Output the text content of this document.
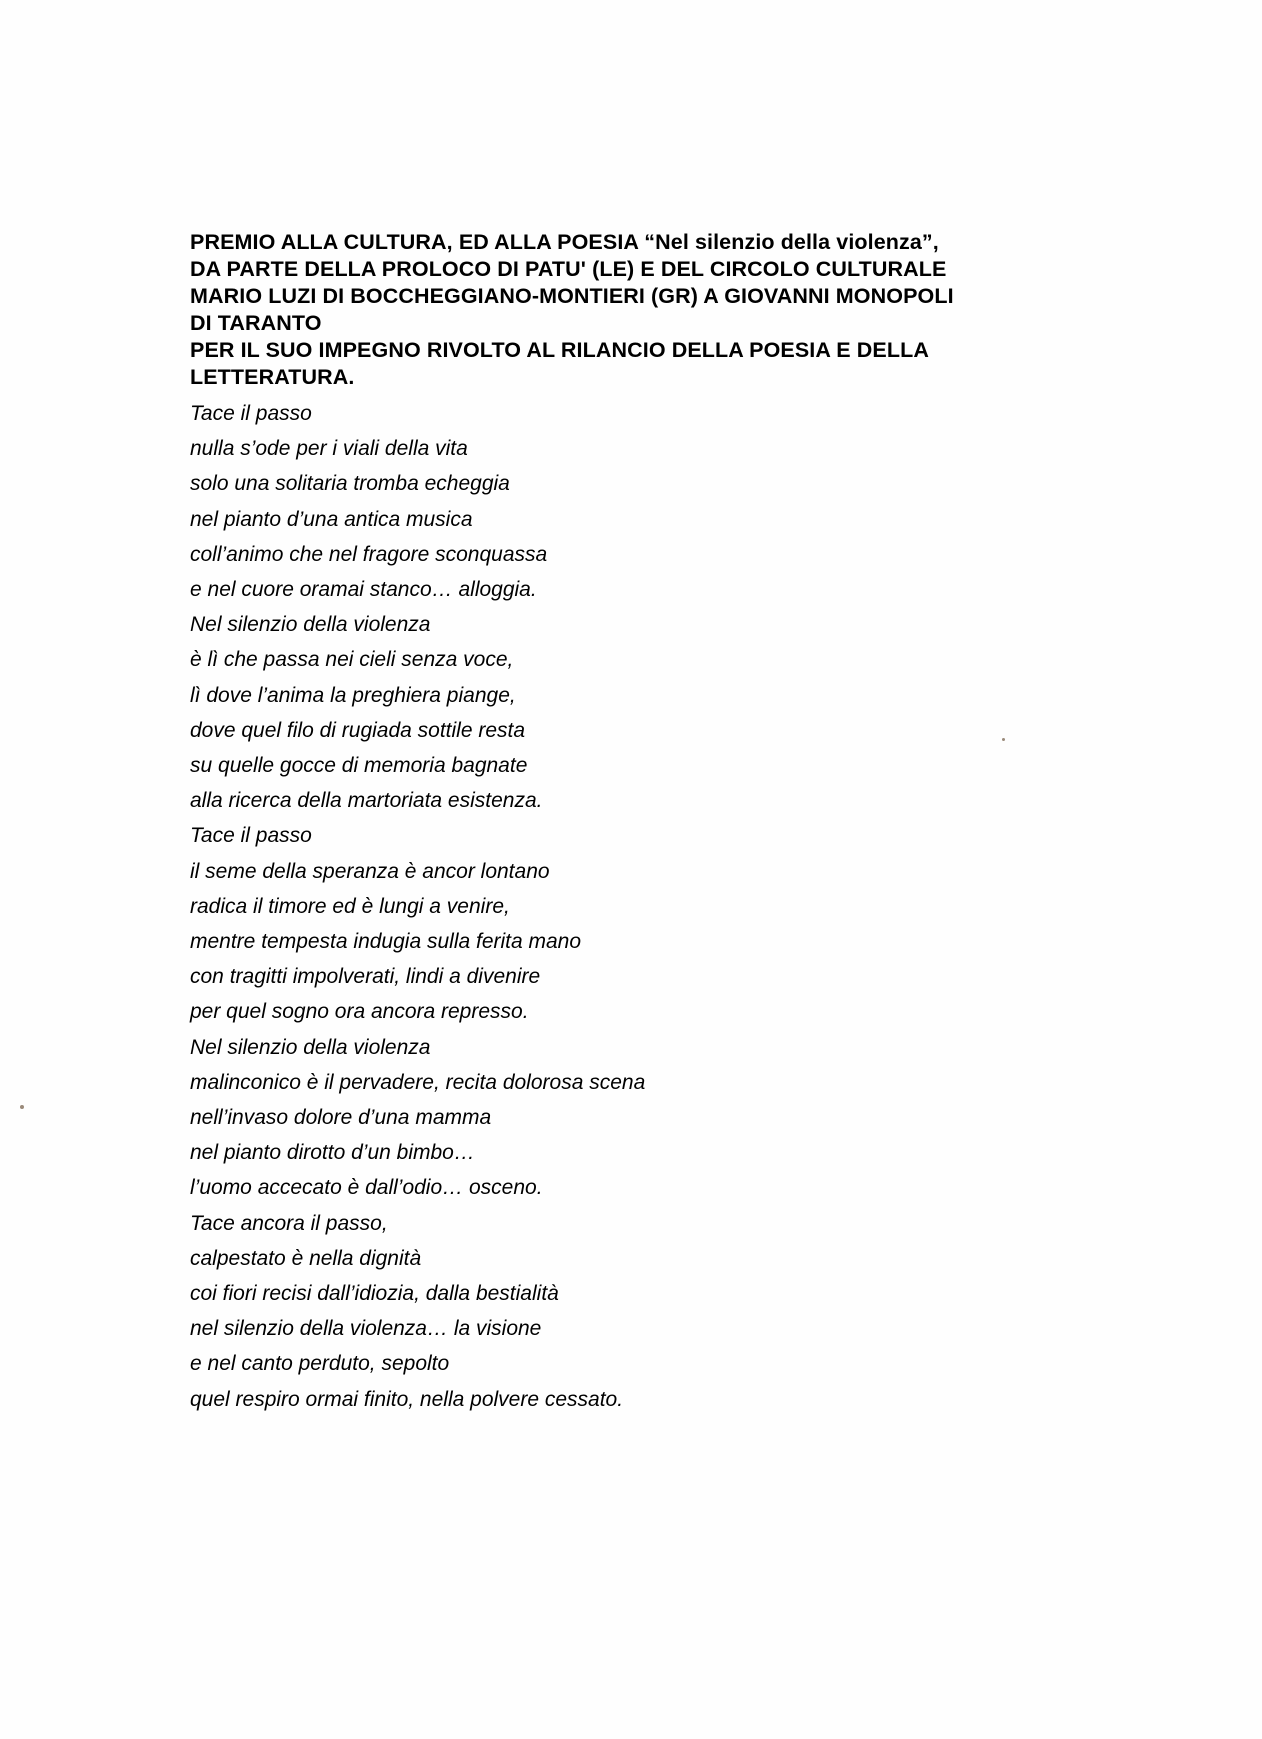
PREMIO ALLA CULTURA, ED ALLA POESIA “Nel silenzio della violenza”,
DA PARTE DELLA PROLOCO DI PATU' (LE) E DEL CIRCOLO CULTURALE
MARIO LUZI DI BOCCHEGGIANO-MONTIERI (GR) A GIOVANNI MONOPOLI
DI TARANTO
PER IL SUO IMPEGNO RIVOLTO AL RILANCIO DELLA POESIA E DELLA
LETTERATURA.
Tace il passo
nulla s’ode per i viali della vita
solo una solitaria tromba echeggia
nel pianto d’una antica musica
coll’animo che nel fragore sconquassa
e nel cuore oramai stanco… alloggia.
Nel silenzio della violenza
è lì che passa nei cieli senza voce,
lì dove l’anima la preghiera piange,
dove quel filo di rugiada sottile resta
su quelle gocce di memoria bagnate
alla ricerca della martoriata esistenza.
Tace il passo
il seme della speranza è ancor lontano
radica il timore ed è lungi a venire,
mentre tempesta indugia sulla ferita mano
con tragitti impolverati, lindi a divenire
per quel sogno ora ancora represso.
Nel silenzio della violenza
malinconico è il pervadere, recita dolorosa scena
nell’invaso dolore d’una mamma
nel pianto dirotto d’un bimbo…
l’uomo accecato è dall’odio… osceno.
Tace ancora il passo,
calpestato è nella dignità
coi fiori recisi dall’idiozia, dalla bestialità
nel silenzio della violenza… la visione
e nel canto perduto, sepolto
quel respiro ormai finito, nella polvere cessato.
